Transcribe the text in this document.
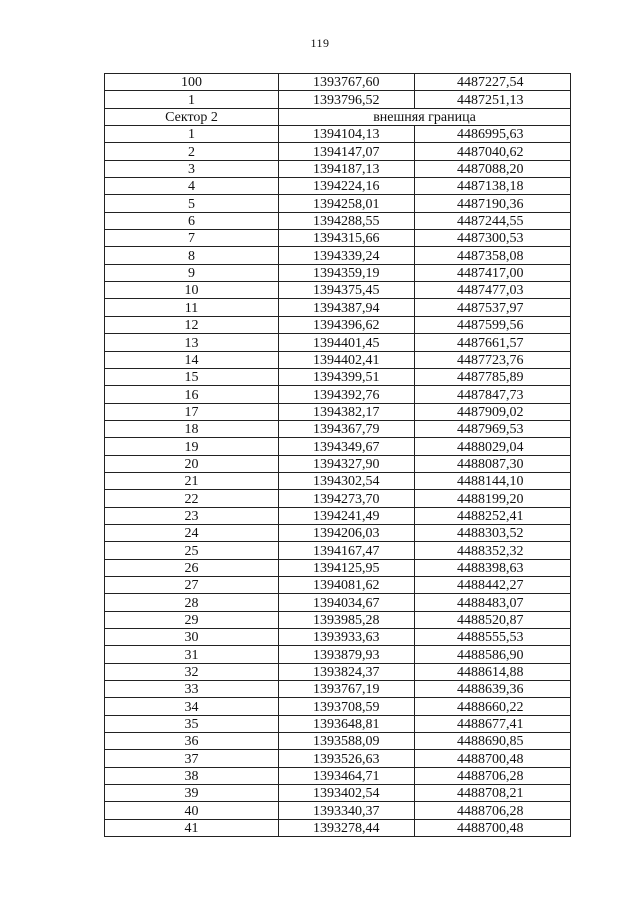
119
100	1393767,60	4487227,54
1	1393796,52	4487251,13
Сектор 2	внешняя граница	
1	1394104,13	4486995,63
2	1394147,07	4487040,62
3	1394187,13	4487088,20
4	1394224,16	4487138,18
5	1394258,01	4487190,36
6	1394288,55	4487244,55
7	1394315,66	4487300,53
8	1394339,24	4487358,08
9	1394359,19	4487417,00
10	1394375,45	4487477,03
11	1394387,94	4487537,97
12	1394396,62	4487599,56
13	1394401,45	4487661,57
14	1394402,41	4487723,76
15	1394399,51	4487785,89
16	1394392,76	4487847,73
17	1394382,17	4487909,02
18	1394367,79	4487969,53
19	1394349,67	4488029,04
20	1394327,90	4488087,30
21	1394302,54	4488144,10
22	1394273,70	4488199,20
23	1394241,49	4488252,41
24	1394206,03	4488303,52
25	1394167,47	4488352,32
26	1394125,95	4488398,63
27	1394081,62	4488442,27
28	1394034,67	4488483,07
29	1393985,28	4488520,87
30	1393933,63	4488555,53
31	1393879,93	4488586,90
32	1393824,37	4488614,88
33	1393767,19	4488639,36
34	1393708,59	4488660,22
35	1393648,81	4488677,41
36	1393588,09	4488690,85
37	1393526,63	4488700,48
38	1393464,71	4488706,28
39	1393402,54	4488708,21
40	1393340,37	4488706,28
41	1393278,44	4488700,48
